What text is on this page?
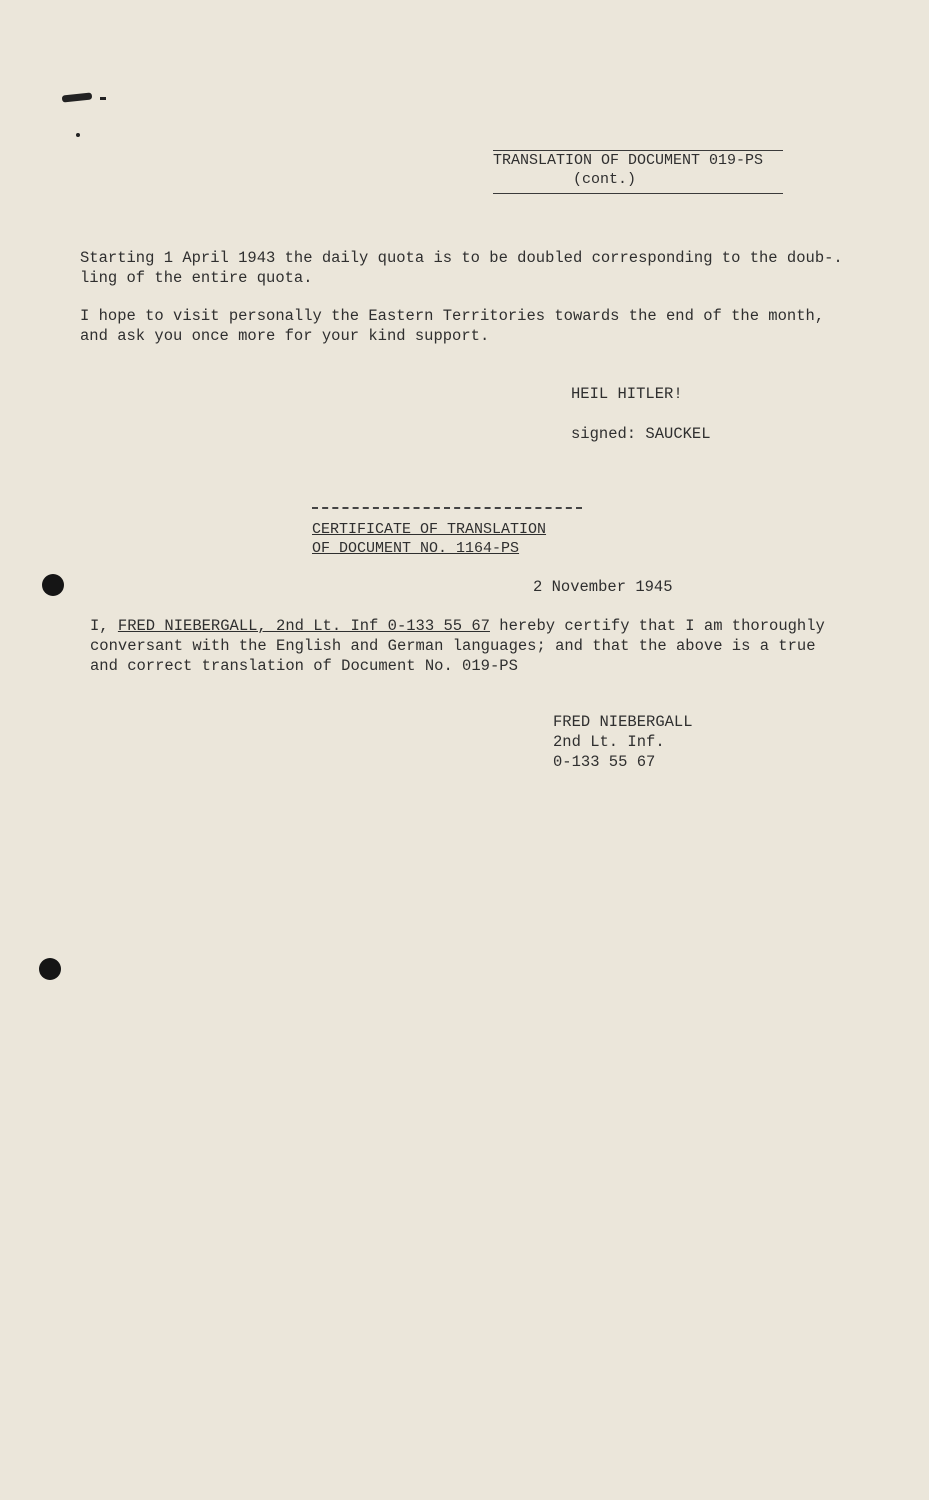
TRANSLATION OF DOCUMENT 019-PS
(cont.)
Starting 1 April 1943 the daily quota is to be doubled corresponding to the doub-.
ling of the entire quota.
I hope to visit personally the Eastern Territories towards the end of the month,
and ask you once more for your kind support.
HEIL HITLER!
signed: SAUCKEL
CERTIFICATE OF TRANSLATION
OF DOCUMENT NO. 1164-PS
2 November 1945
I, FRED NIEBERGALL, 2nd Lt. Inf 0-133 55 67 hereby certify that I am thoroughly
conversant with the English and German languages; and that the above is a true
and correct translation of Document No. 019-PS
FRED NIEBERGALL
2nd Lt. Inf.
0-133 55 67
